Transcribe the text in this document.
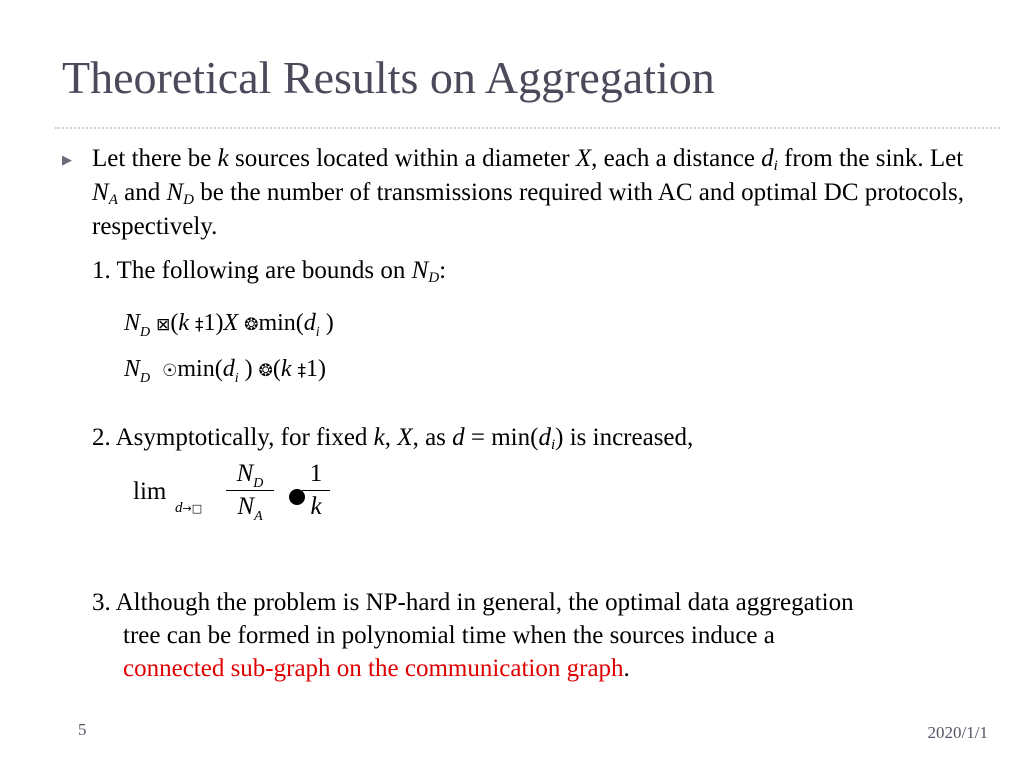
Theoretical Results on Aggregation
▶ Let there be k sources located within a diameter X, each a distance $d_i$ from the sink. Let $N_A$ and $N_D$ be the number of transmissions required with AC and optimal DC protocols, respectively.
1. The following are bounds on $N_D$:
$N_D$ ⊠(k ‡1)X $❂\min(d_i$ )
$N_D$ $☉\min(d_i$ ) ❂(k ‡1)
2. Asymptotically, for fixed k, X, as $d = \min(d_i)$ is increased,
lim
d→□
$N_D$
$N_A$
1
k
3. Although the problem is NP-hard in general, the optimal data aggregation
tree can be formed in polynomial time when the sources induce a
connected sub-graph on the communication graph.
5	2020/1/1
